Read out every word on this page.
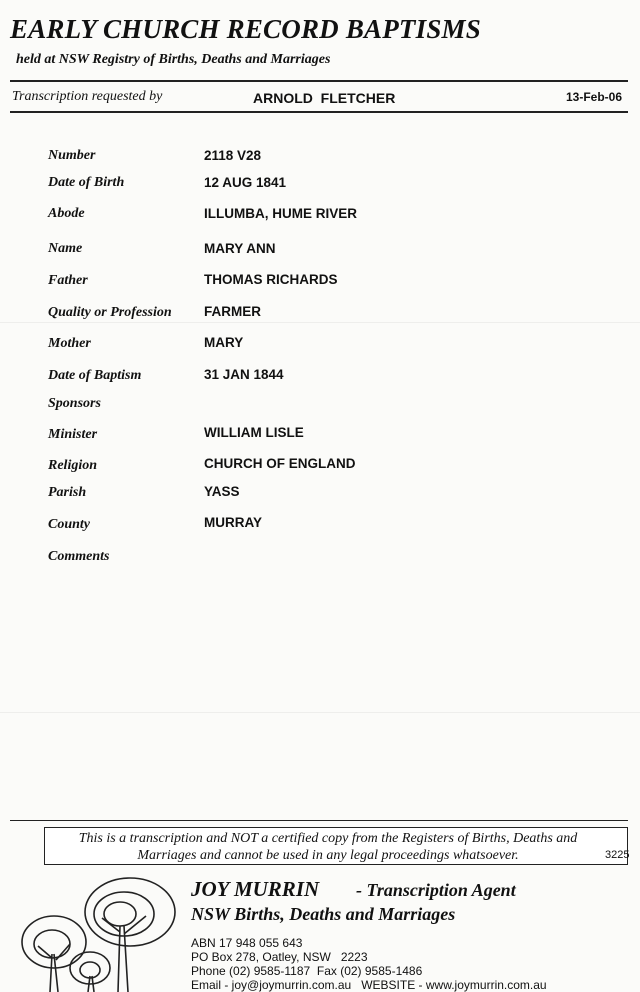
EARLY CHURCH RECORD BAPTISMS
held at NSW Registry of Births, Deaths and Marriages
Transcription requested by	ARNOLD  FLETCHER	13-Feb-06
Number	2118 V28
Date of Birth	12 AUG 1841
Abode	ILLUMBA, HUME RIVER
Name	MARY ANN
Father	THOMAS RICHARDS
Quality or Profession FARMER
Mother	MARY
Date of Baptism	31 JAN 1844
Sponsors
Minister	WILLIAM LISLE
Religion	CHURCH OF ENGLAND
Parish	YASS
County	MURRAY
Comments
This is a transcription and NOT a certified copy from the Registers of Births, Deaths and
Marriages and cannot be used in any legal proceedings whatsoever.	3225
JOY MURRIN - Transcription Agent
NSW Births, Deaths and Marriages
ABN 17 948 055 643
PO Box 278, Oatley, NSW   2223
Phone (02) 9585-1187  Fax (02) 9585-1486
Email - joy@joymurrin.com.au   WEBSITE - www.joymurrin.com.au
